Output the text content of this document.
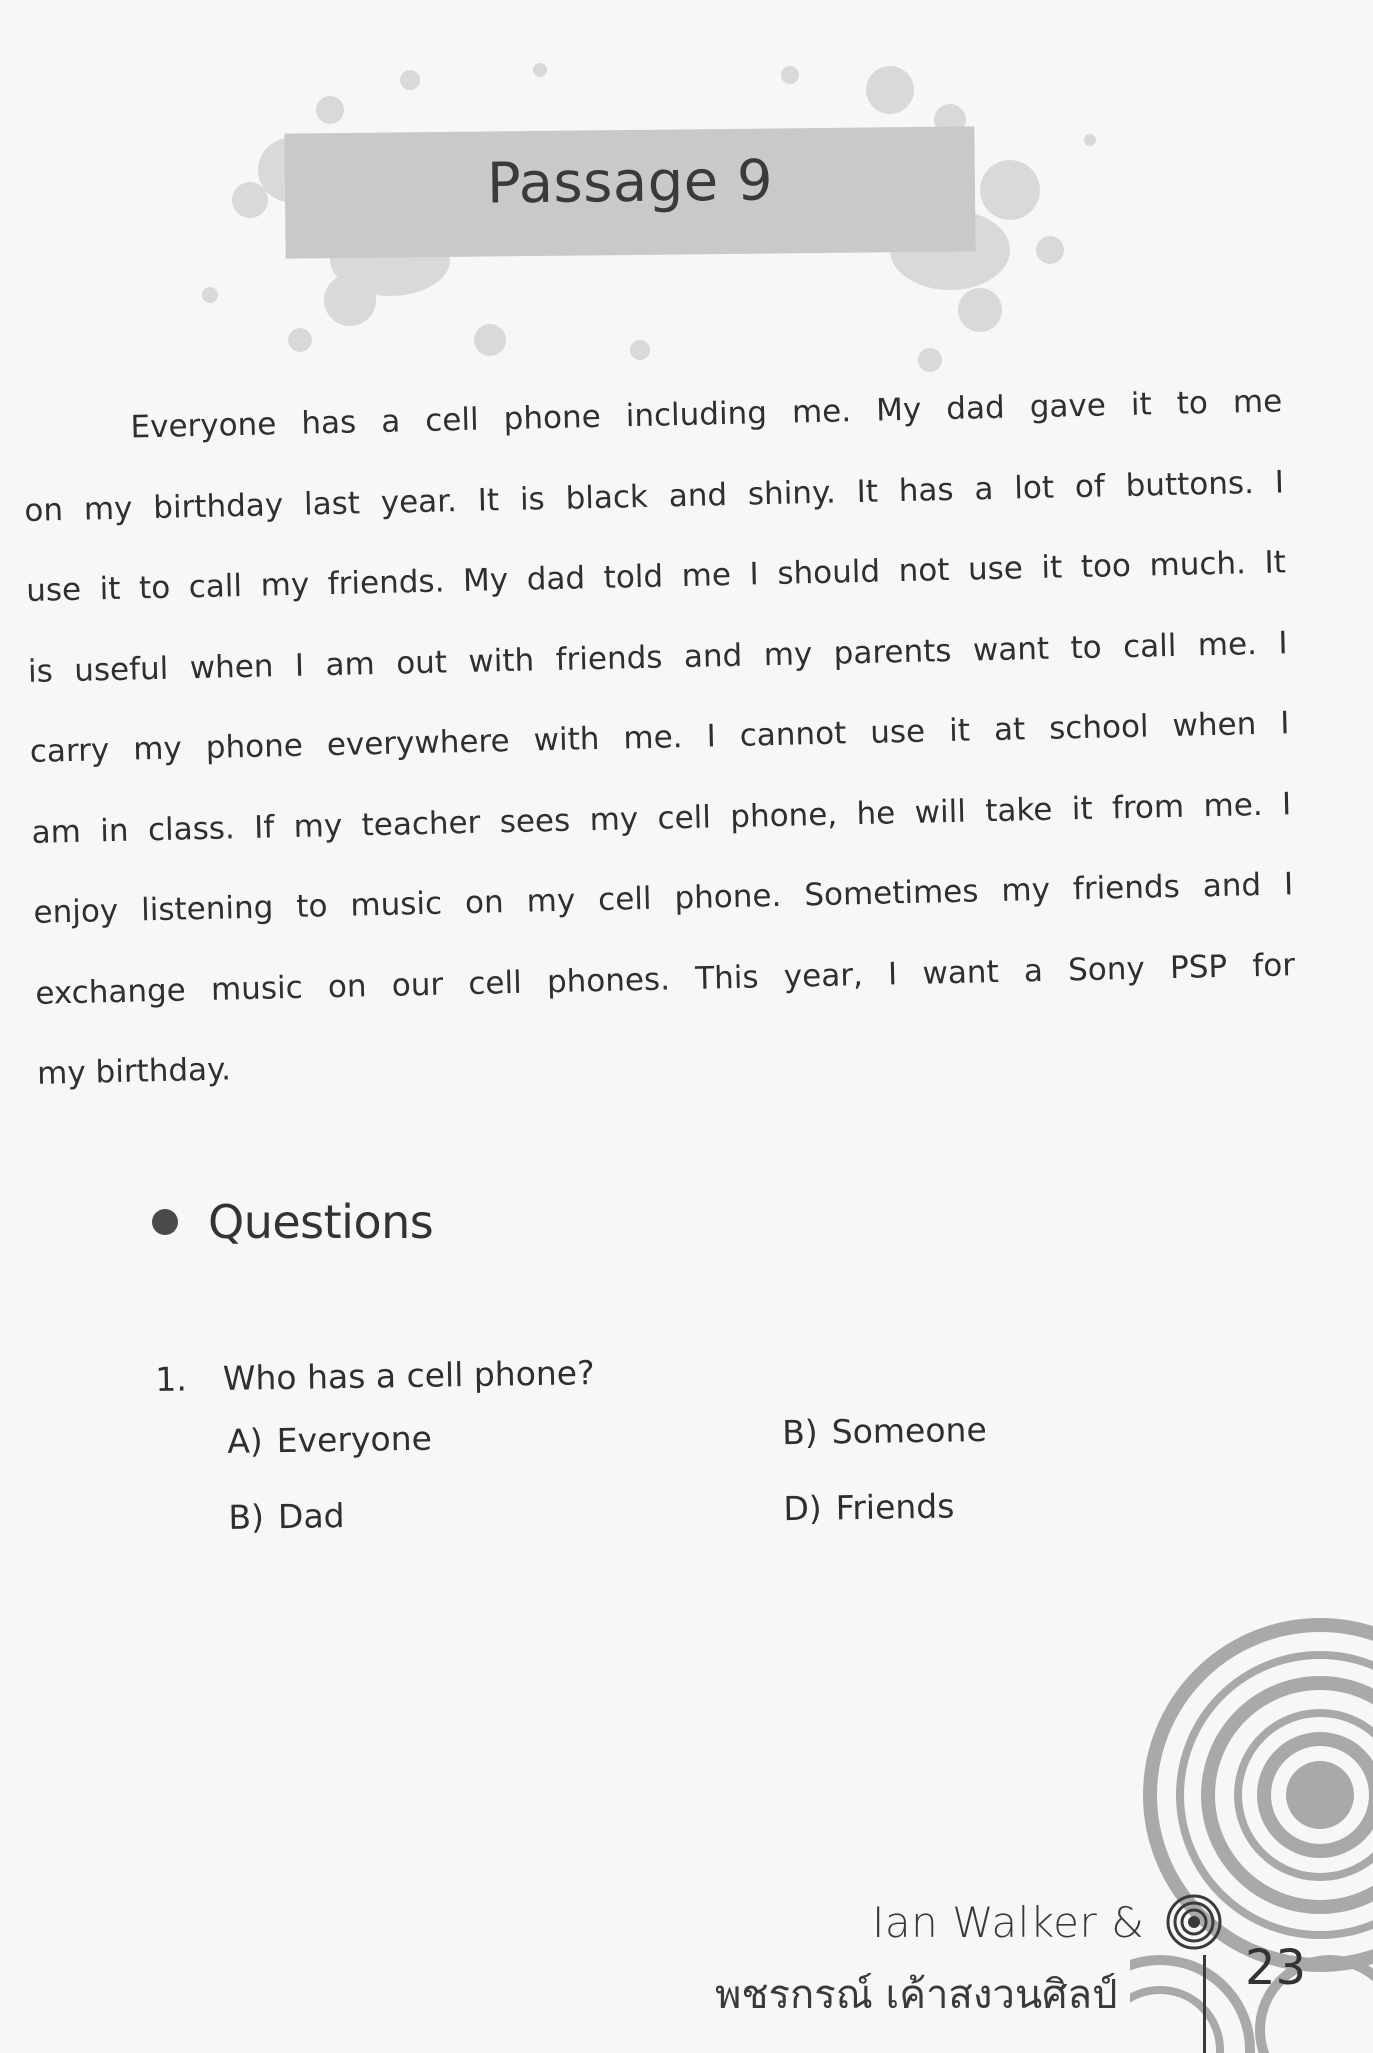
Passage 9
Everyone has a cell phone including me. My dad gave it to me
on my birthday last year. It is black and shiny. It has a lot of buttons. I
use it to call my friends. My dad told me I should not use it too much. It
is useful when I am out with friends and my parents want to call me. I
carry my phone everywhere with me. I cannot use it at school when I
am in class. If my teacher sees my cell phone, he will take it from me. I
enjoy listening to music on my cell phone. Sometimes my friends and I
exchange music on our cell phones. This year, I want a Sony PSP for
my birthday.
Questions
1. Who has a cell phone?
A) Everyone	B) Someone
B) Dad	D) Friends
Ian Walker &
พชรกรณ์ เค้าสงวนศิลป์	23
